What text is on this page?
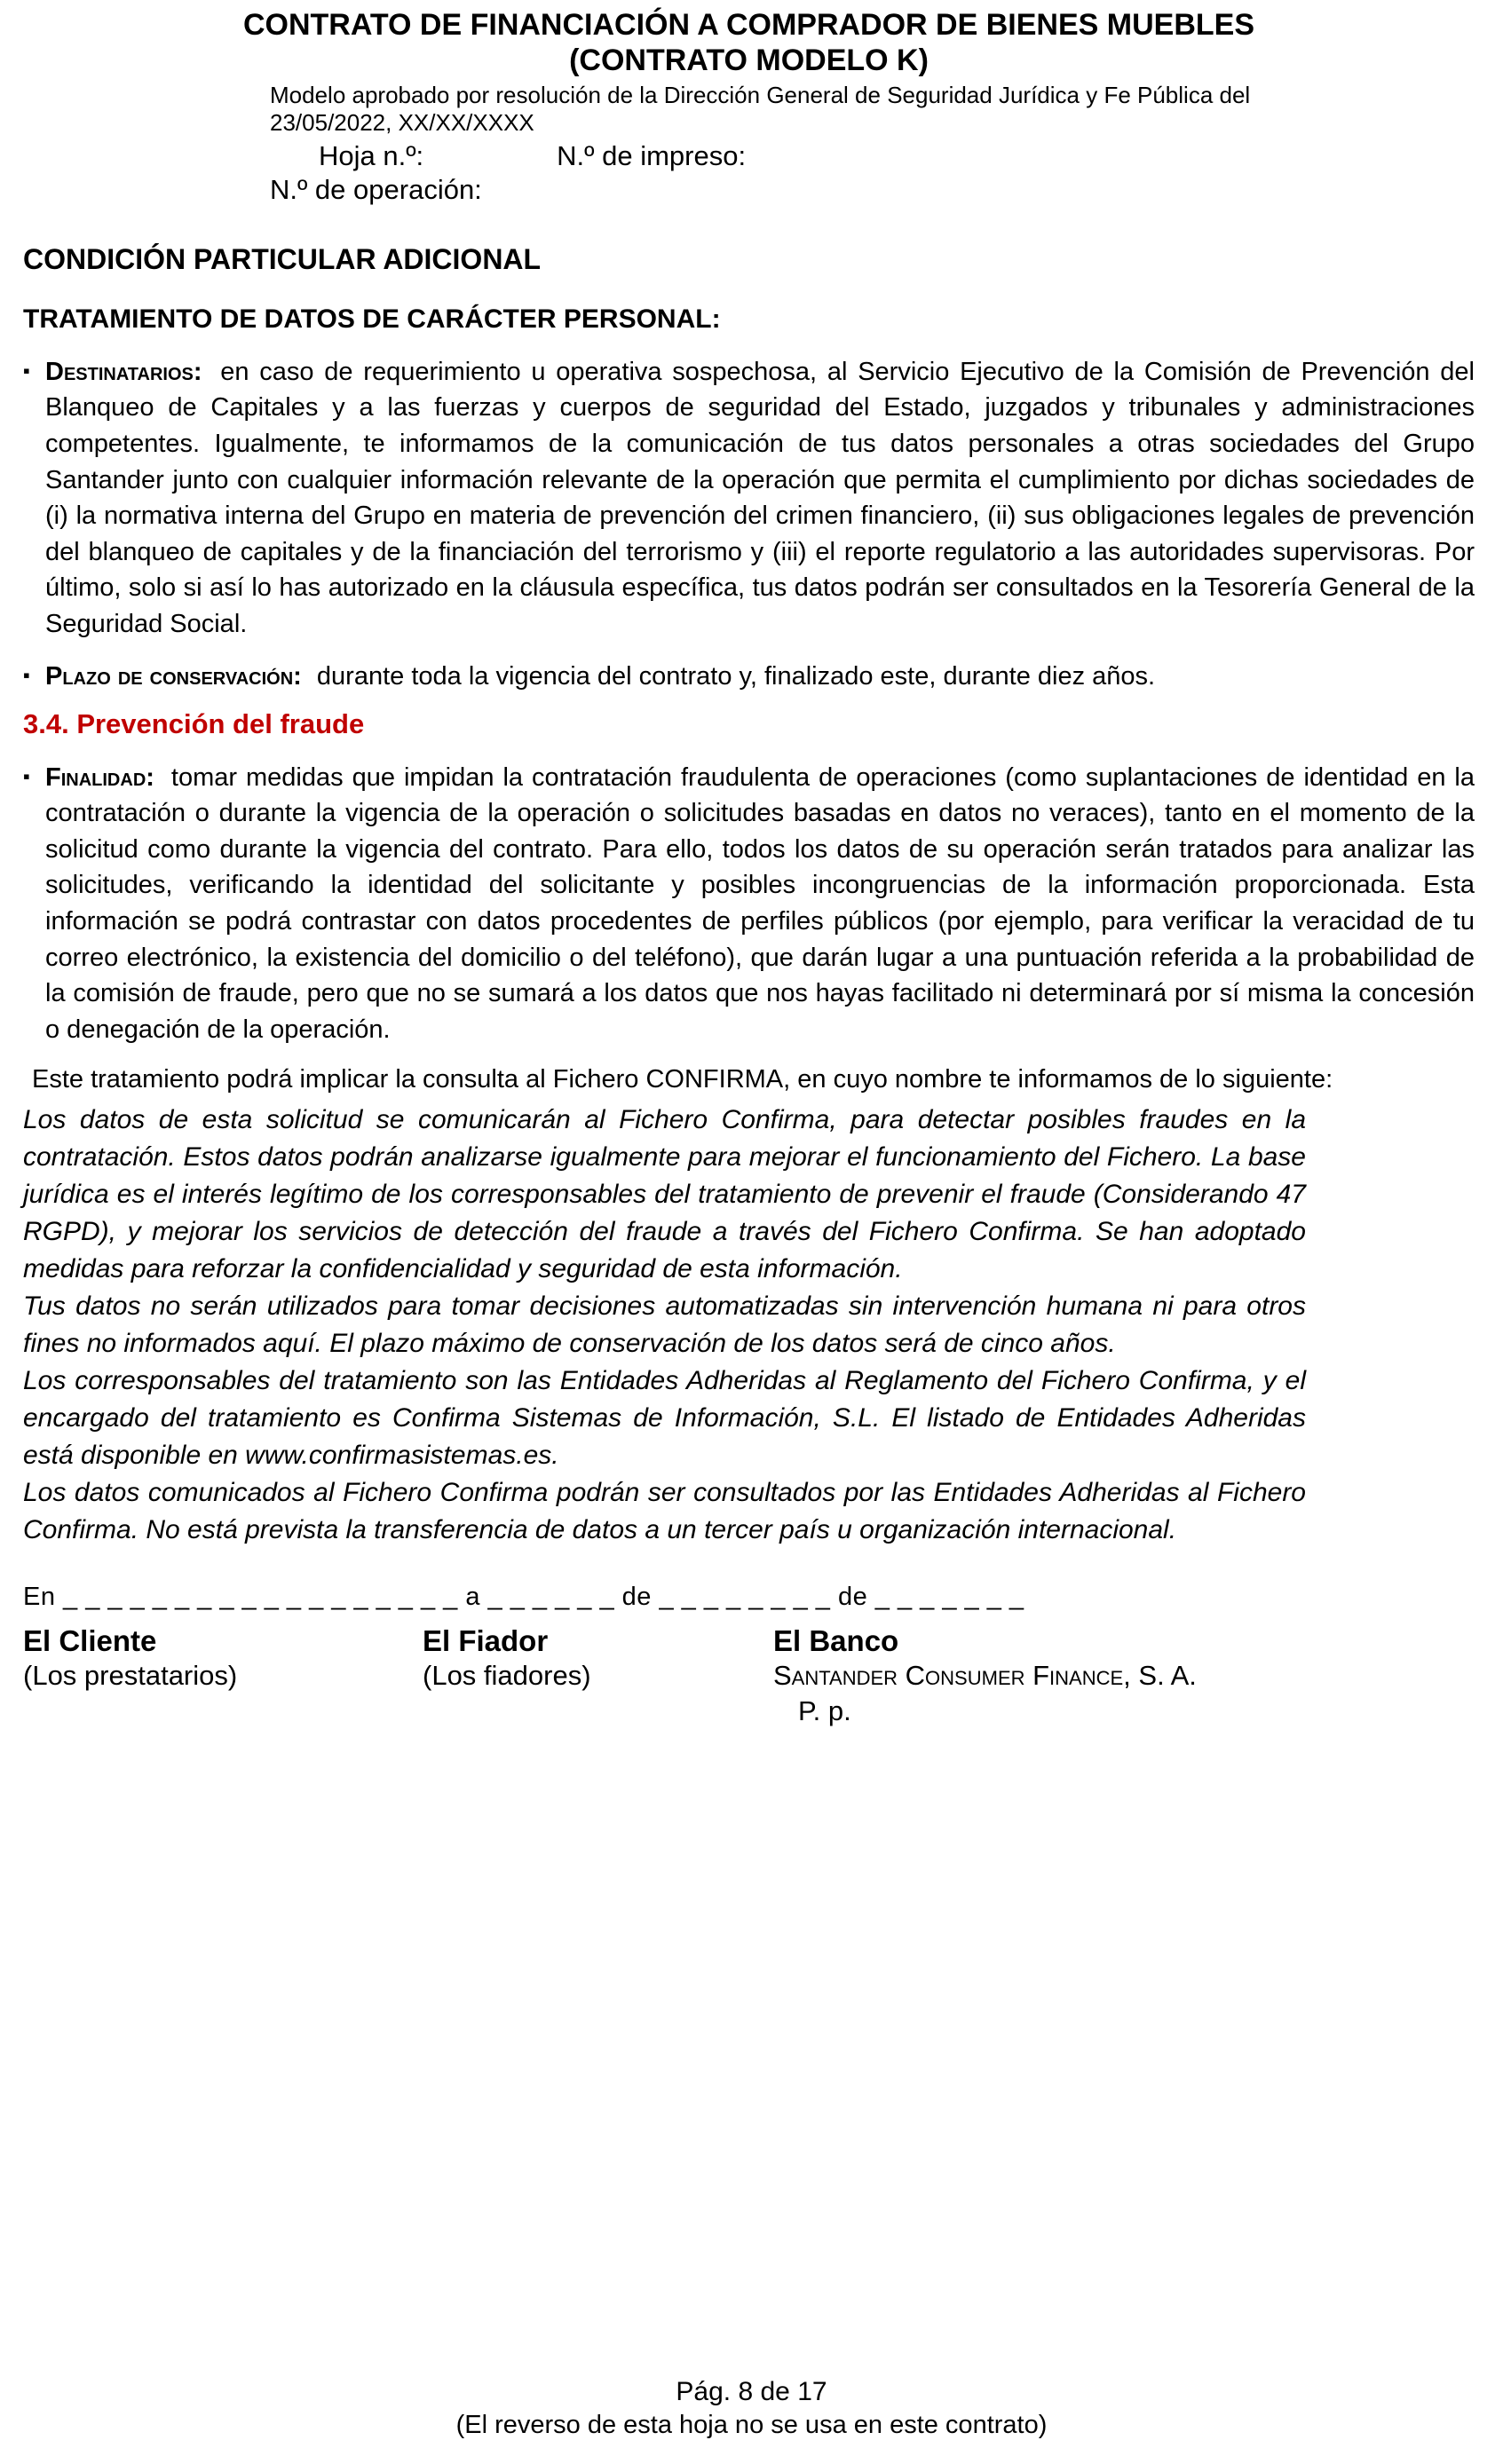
CONTRATO DE FINANCIACIÓN A COMPRADOR DE BIENES MUEBLES
(CONTRATO MODELO K)
Modelo aprobado por resolución de la Dirección General de Seguridad Jurídica y Fe Pública del
23/05/2022, XX/XX/XXXX
Hoja n.º:	N.º de impreso:
N.º de operación:
CONDICIÓN PARTICULAR ADICIONAL
TRATAMIENTO DE DATOS DE CARÁCTER PERSONAL:

▪ Destinatarios: en caso de requerimiento u operativa sospechosa, al Servicio Ejecutivo de la Comisión de Prevención del Blanqueo de Capitales y a las fuerzas y cuerpos de seguridad del Estado, juzgados y tribunales y administraciones competentes. Igualmente, te informamos de la comunicación de tus datos personales a otras sociedades del Grupo Santander junto con cualquier información relevante de la operación que permita el cumplimiento por dichas sociedades de (i) la normativa interna del Grupo en materia de prevención del crimen financiero, (ii) sus obligaciones legales de prevención del blanqueo de capitales y de la financiación del terrorismo y (iii) el reporte regulatorio a las autoridades supervisoras. Por último, solo si así lo has autorizado en la cláusula específica, tus datos podrán ser consultados en la Tesorería General de la Seguridad Social.

▪ Plazo de conservación: durante toda la vigencia del contrato y, finalizado este, durante diez años.

3.4. Prevención del fraude

▪ Finalidad: tomar medidas que impidan la contratación fraudulenta de operaciones (como suplantaciones de identidad en la contratación o durante la vigencia de la operación o solicitudes basadas en datos no veraces), tanto en el momento de la solicitud como durante la vigencia del contrato. Para ello, todos los datos de su operación serán tratados para analizar las solicitudes, verificando la identidad del solicitante y posibles incongruencias de la información proporcionada. Esta información se podrá contrastar con datos procedentes de perfiles públicos (por ejemplo, para verificar la veracidad de tu correo electrónico, la existencia del domicilio o del teléfono), que darán lugar a una puntuación referida a la probabilidad de la comisión de fraude, pero que no se sumará a los datos que nos hayas facilitado ni determinará por sí misma la concesión o denegación de la operación.

Este tratamiento podrá implicar la consulta al Fichero CONFIRMA, en cuyo nombre te informamos de lo siguiente:

Los datos de esta solicitud se comunicarán al Fichero Confirma, para detectar posibles fraudes en la contratación. Estos datos podrán analizarse igualmente para mejorar el funcionamiento del Fichero. La base jurídica es el interés legítimo de los corresponsables del tratamiento de prevenir el fraude (Considerando 47 RGPD), y mejorar los servicios de detección del fraude a través del Fichero Confirma. Se han adoptado medidas para reforzar la confidencialidad y seguridad de esta información.

Tus datos no serán utilizados para tomar decisiones automatizadas sin intervención humana ni para otros fines no informados aquí. El plazo máximo de conservación de los datos será de cinco años.

Los corresponsables del tratamiento son las Entidades Adheridas al Reglamento del Fichero Confirma, y el encargado del tratamiento es Confirma Sistemas de Información, S.L. El listado de Entidades Adheridas está disponible en www.confirmasistemas.es.

Los datos comunicados al Fichero Confirma podrán ser consultados por las Entidades Adheridas al Fichero Confirma. No está prevista la transferencia de datos a un tercer país u organización internacional.

En _ _ _ _ _ _ _ _ _ _ _ _ _ _ _ _ _ _ a _ _ _ _ _ _ de _ _ _ _ _ _ _ _ de _ _ _ _ _ _ _

El Cliente
(Los prestatarios)
El Fiador
(Los fiadores)
El Banco
Santander Consumer Finance, S. A.
P. p.
Pág. 8 de 17
(El reverso de esta hoja no se usa en este contrato)
